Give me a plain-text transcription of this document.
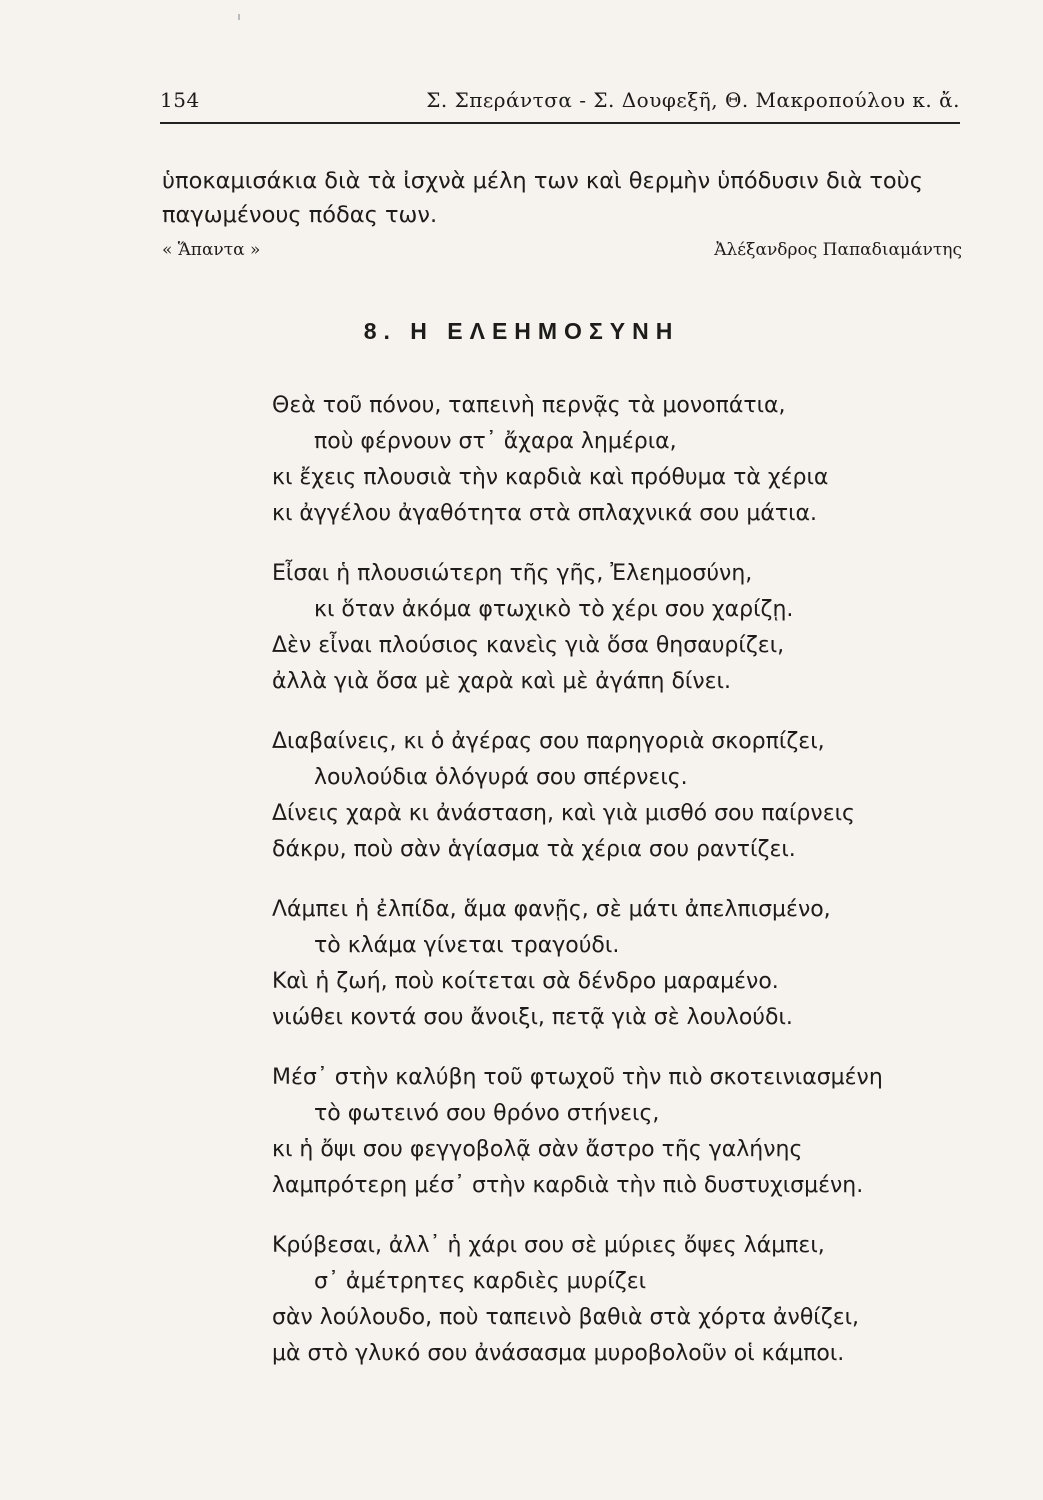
154	Σ. Σπεράντσα - Σ. Δουφεξῆ, Θ. Μακροπούλου κ. ἄ.
ὑποκαμισάκια διὰ τὰ ἰσχνὰ μέλη των καὶ θερμὴν ὑπόδυσιν διὰ τοὺς
παγωμένους πόδας των.
« Ἅπαντα »	Ἀλέξανδρος Παπαδιαμάντης
8. Η ΕΛΕΗΜΟΣΥΝΗ
Θεὰ τοῦ πόνου, ταπεινὴ περνᾷς τὰ μονοπάτια,
ποὺ φέρνουν στ᾽ ἄχαρα λημέρια,
κι ἔχεις πλουσιὰ τὴν καρδιὰ καὶ πρόθυμα τὰ χέρια
κι ἀγγέλου ἀγαθότητα στὰ σπλαχνικά σου μάτια.
Εἶσαι ἡ πλουσιώτερη τῆς γῆς, Ἐλεημοσύνη,
κι ὅταν ἀκόμα φτωχικὸ τὸ χέρι σου χαρίζῃ.
Δὲν εἶναι πλούσιος κανεὶς γιὰ ὅσα θησαυρίζει,
ἀλλὰ γιὰ ὅσα μὲ χαρὰ καὶ μὲ ἀγάπη δίνει.
Διαβαίνεις, κι ὁ ἀγέρας σου παρηγοριὰ σκορπίζει,
λουλούδια ὁλόγυρά σου σπέρνεις.
Δίνεις χαρὰ κι ἀνάσταση, καὶ γιὰ μισθό σου παίρνεις
δάκρυ, ποὺ σὰν ἁγίασμα τὰ χέρια σου ραντίζει.
Λάμπει ἡ ἐλπίδα, ἅμα φανῇς, σὲ μάτι ἀπελπισμένο,
τὸ κλάμα γίνεται τραγούδι.
Καὶ ἡ ζωή, ποὺ κοίτεται σὰ δένδρο μαραμένο.
νιώθει κοντά σου ἄνοιξι, πετᾷ γιὰ σὲ λουλούδι.
Μέσ᾽ στὴν καλύβη τοῦ φτωχοῦ τὴν πιὸ σκοτεινιασμένη
τὸ φωτεινό σου θρόνο στήνεις,
κι ἡ ὄψι σου φεγγοβολᾷ σὰν ἄστρο τῆς γαλήνης
λαμπρότερη μέσ᾽ στὴν καρδιὰ τὴν πιὸ δυστυχισμένη.
Κρύβεσαι, ἀλλ᾽ ἡ χάρι σου σὲ μύριες ὄψες λάμπει,
σ᾽ ἀμέτρητες καρδιὲς μυρίζει
σὰν λούλουδο, ποὺ ταπεινὸ βαθιὰ στὰ χόρτα ἀνθίζει,
μὰ στὸ γλυκό σου ἀνάσασμα μυροβολοῦν οἱ κάμποι.
